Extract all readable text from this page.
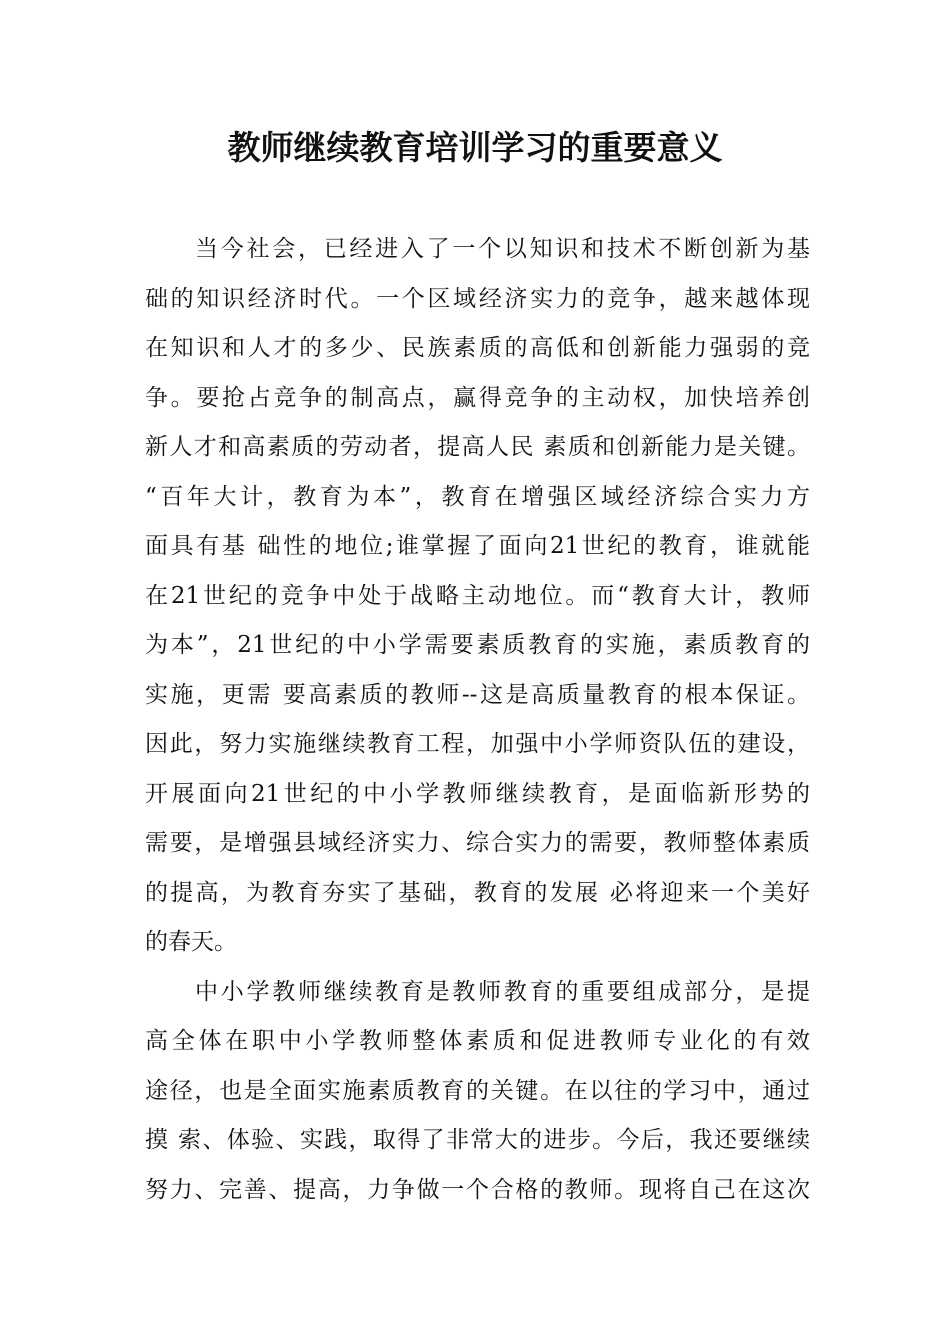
教师继续教育培训学习的重要意义
当今社会，已经进入了一个以知识和技术不断创新为基
础的知识经济时代。一个区域经济实力的竞争，越来越体现
在知识和人才的多少、民族素质的高低和创新能力强弱的竞
争。要抢占竞争的制高点，赢得竞争的主动权，加快培养创
新人才和高素质的劳动者，提高人民 素质和创新能力是关键。
“百年大计，教育为本”，教育在增强区域经济综合实力方
面具有基 础性的地位;谁掌握了面向21世纪的教育，谁就能
在21世纪的竞争中处于战略主动地位。而“教育大计，教师
为本”，21世纪的中小学需要素质教育的实施，素质教育的
实施，更需 要高素质的教师--这是高质量教育的根本保证。
因此，努力实施继续教育工程，加强中小学师资队伍的建设，
开展面向21世纪的中小学教师继续教育，是面临新形势的
需要，是增强县域经济实力、综合实力的需要，教师整体素质
的提高，为教育夯实了基础，教育的发展 必将迎来一个美好
的春天。
中小学教师继续教育是教师教育的重要组成部分，是提
高全体在职中小学教师整体素质和促进教师专业化的有效
途径，也是全面实施素质教育的关键。在以往的学习中，通过
摸 索、体验、实践，取得了非常大的进步。今后，我还要继续
努力、完善、提高，力争做一个合格的教师。现将自己在这次
